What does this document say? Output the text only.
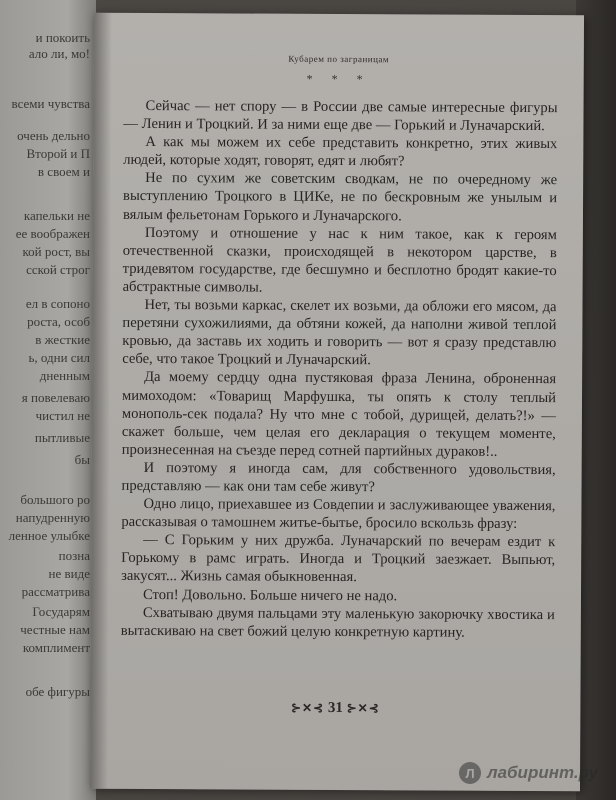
и покоить
ало ли, мо!
всеми чувства
очень дельно
Второй и П
в своем и
капельки не
ее воображен
кой рост, вы
сской строг
ел в сопоно
роста, особ
в жесткие
ь, одни сил
дненным
я повелеваю
чистил не
пытливые
бы
большого ро
напудренную
ленное улыбке
позна
не виде
рассматрива
Государям
честные нам
комплимент
обе фигуры
Кубарем по заграницам
* * *

Сейчас — нет спору — в России две самые интересные фигуры — Ленин и Троцкий. И за ними еще две — Горький и Луначарский.

А как мы можем их себе представить конкретно, этих живых людей, которые ходят, говорят, едят и любят?

Не по сухим же советским сводкам, не по очередному же выступлению Троцкого в ЦИКе, не по бескровным же унылым и вялым фельетонам Горького и Луначарского.

Поэтому и отношение у нас к ним такое, как к героям отечественной сказки, происходящей в некотором царстве, в тридевятом государстве, где бесшумно и бесплотно бродят какие-то абстрактные символы.

Нет, ты возьми каркас, скелет их возьми, да обложи его мясом, да перетяни сухожилиями, да обтяни кожей, да наполни живой теплой кровью, да заставь их ходить и говорить — вот я сразу представлю себе, что такое Троцкий и Луначарский.

Да моему сердцу одна пустяковая фраза Ленина, оброненная мимоходом: «Товарищ Марфушка, ты опять к столу теплый монополь-сек подала? Ну что мне с тобой, дурищей, делать?!» — скажет больше, чем целая его декларация о текущем моменте, произнесенная на съезде перед сотней партийных дураков!..

И поэтому я иногда сам, для собственного удовольствия, представляю — как они там себе живут?

Одно лицо, приехавшее из Совдепии и заслуживающее уважения, рассказывая о тамошнем житье-бытье, бросило вскользь фразу:

— С Горьким у них дружба. Луначарский по вечерам ездит к Горькому в рамс играть. Иногда и Троцкий заезжает. Выпьют, закусят... Жизнь самая обыкновенная.

Стоп! Довольно. Больше ничего не надо.

Схватываю двумя пальцами эту маленькую закорючку хвостика и вытаскиваю на свет божий целую конкретную картину.

⊱✕⊰ 31 ⊱✕⊰
Л лабиринт.ру
